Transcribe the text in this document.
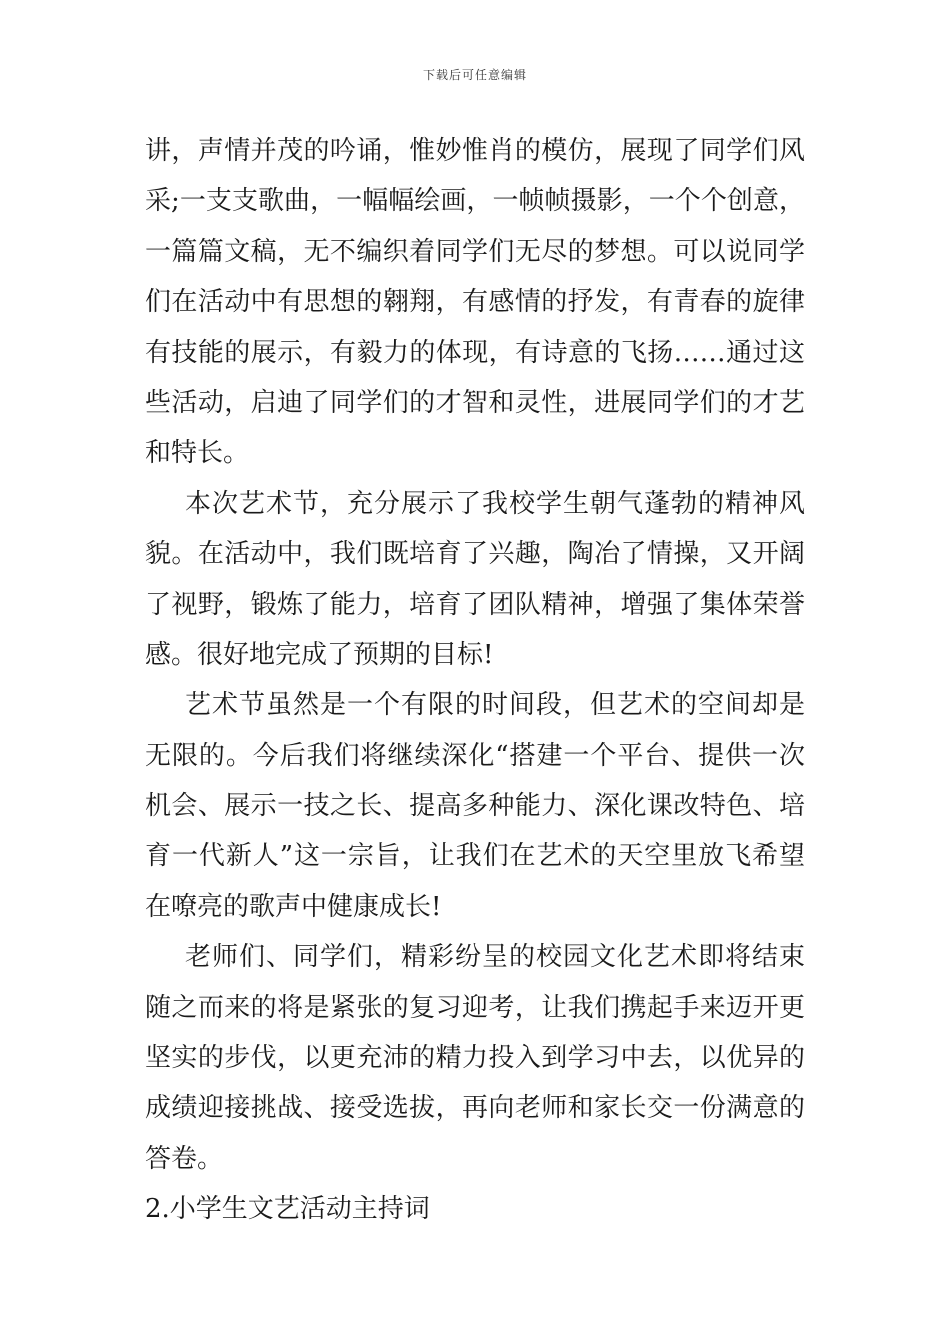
下载后可任意编辑
讲，声情并茂的吟诵，惟妙惟肖的模仿，展现了同学们风
采;一支支歌曲，一幅幅绘画，一帧帧摄影，一个个创意，
一篇篇文稿，无不编织着同学们无尽的梦想。可以说同学
们在活动中有思想的翱翔，有感情的抒发，有青春的旋律
有技能的展示，有毅力的体现，有诗意的飞扬……通过这
些活动，启迪了同学们的才智和灵性，进展同学们的才艺
和特长。
本次艺术节，充分展示了我校学生朝气蓬勃的精神风
貌。在活动中，我们既培育了兴趣，陶冶了情操，又开阔
了视野，锻炼了能力，培育了团队精神，增强了集体荣誉
感。很好地完成了预期的目标!
艺术节虽然是一个有限的时间段，但艺术的空间却是
无限的。今后我们将继续深化“搭建一个平台、提供一次
机会、展示一技之长、提高多种能力、深化课改特色、培
育一代新人”这一宗旨，让我们在艺术的天空里放飞希望
在嘹亮的歌声中健康成长!
老师们、同学们，精彩纷呈的校园文化艺术即将结束
随之而来的将是紧张的复习迎考，让我们携起手来迈开更
坚实的步伐，以更充沛的精力投入到学习中去，以优异的
成绩迎接挑战、接受选拔，再向老师和家长交一份满意的
答卷。
2.小学生文艺活动主持词
